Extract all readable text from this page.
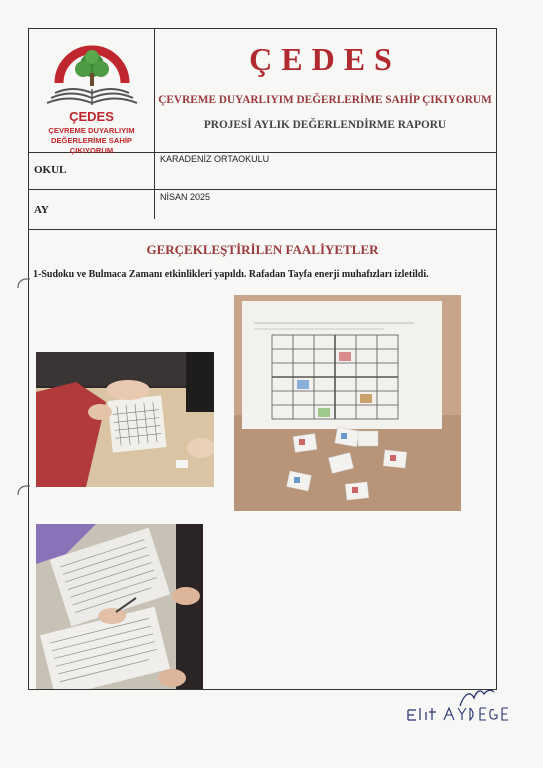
ÇEDES
ÇEVREME DUYARLIYIM
DEĞERLERİME SAHİP ÇIKIYORUM
ÇEDES
ÇEVREME DUYARLIYIM DEĞERLERİME SAHİP ÇIKIYORUM
PROJESİ AYLIK DEĞERLENDİRME RAPORU
OKUL
KARADENİZ ORTAOKULU
AY
NİSAN 2025
GERÇEKLEŞTİRİLEN FAALİYETLER
1-Sudoku ve Bulmaca Zamanı etkinlikleri yapıldı. Rafadan Tayfa enerji muhafızları izletildi.
